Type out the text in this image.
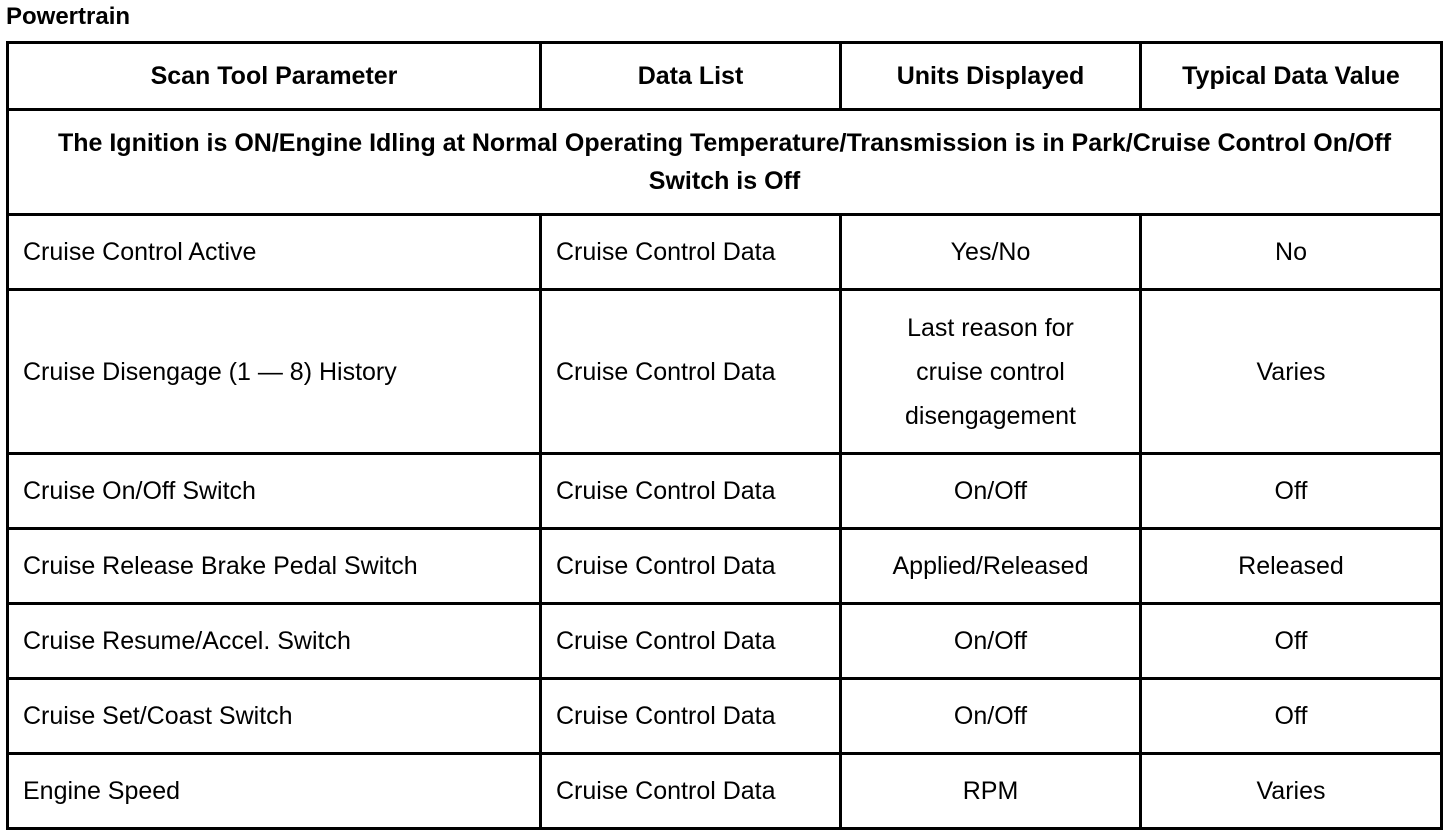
Powertrain
Scan Tool Parameter	Data List	Units Displayed	Typical Data Value
The Ignition is ON/Engine Idling at Normal Operating Temperature/Transmission is in Park/Cruise Control On/Off Switch is Off			
Cruise Control Active	Cruise Control Data	Yes/No	No
Cruise Disengage (1 — 8) History	Cruise Control Data	Last reason for cruise control disengagement	Varies
Cruise On/Off Switch	Cruise Control Data	On/Off	Off
Cruise Release Brake Pedal Switch	Cruise Control Data	Applied/Released	Released
Cruise Resume/Accel. Switch	Cruise Control Data	On/Off	Off
Cruise Set/Coast Switch	Cruise Control Data	On/Off	Off
Engine Speed	Cruise Control Data	RPM	Varies
